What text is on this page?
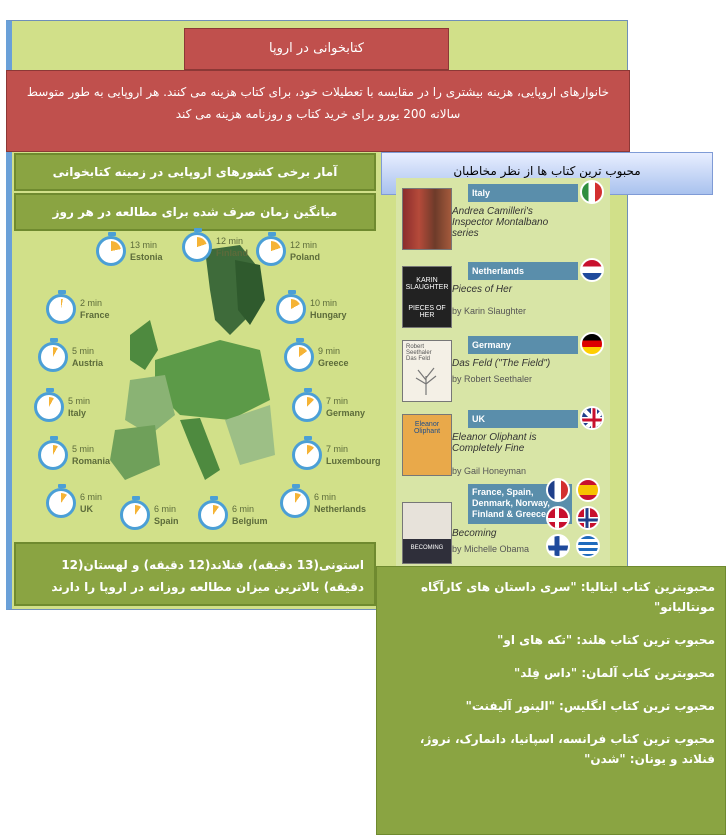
کتابخوانی در اروپا
خانوارهای اروپایی، هزینه بیشتری را در مقایسه با تعطیلات خود، برای کتاب هزینه می کنند. هر اروپایی به طور متوسط سالانه 200 یورو برای خرید کتاب و روزنامه هزینه می کند
آمار برخی کشورهای اروپایی در زمینه کتابخوانی
میانگین زمان صرف شده برای مطالعه در هر روز
محبوب ترین کتاب ها از نظر مخاطبان
13 min
Estonia
12 min
Finland
12 min
Poland
2 min
France
10 min
Hungary
5 min
Austria
9 min
Greece
5 min
Italy
7 min
Germany
5 min
Romania
7 min
Luxembourg
6 min
UK
6 min
Netherlands
6 min
Spain
6 min
Belgium
Italy
Andrea Camilleri's Inspector Montalbano series
KARIN SLAUGHTER
PIECES OF HER
Netherlands
Pieces of Her
by Karin Slaughter
Robert Seethaler
Das Feld
Germany
Das Feld ("The Field")
by Robert Seethaler
Eleanor Oliphant
UK
Eleanor Oliphant is Completely Fine
by Gail Honeyman
BECOMING
France, Spain, Denmark, Norway, Finland & Greece
Becoming
by Michelle Obama
استونی(13 دقیقه)، فنلاند(12 دقیقه) و لهستان(12 دقیقه) بالاترین میزان مطالعه روزانه در اروپا را دارند	محبوبترین کتاب ایتالیا: "سری داستان های کارآگاه مونتالبانو"

محبوب ترین کتاب هلند: "تکه های او"

محبوبترین کتاب آلمان: "داس فِلد"

محبوب ترین کتاب انگلیس: "الینور آلیفنت"

محبوب ترین کتاب فرانسه، اسپانیا، دانمارک، نروژ، فنلاند و یونان: "شدن"
